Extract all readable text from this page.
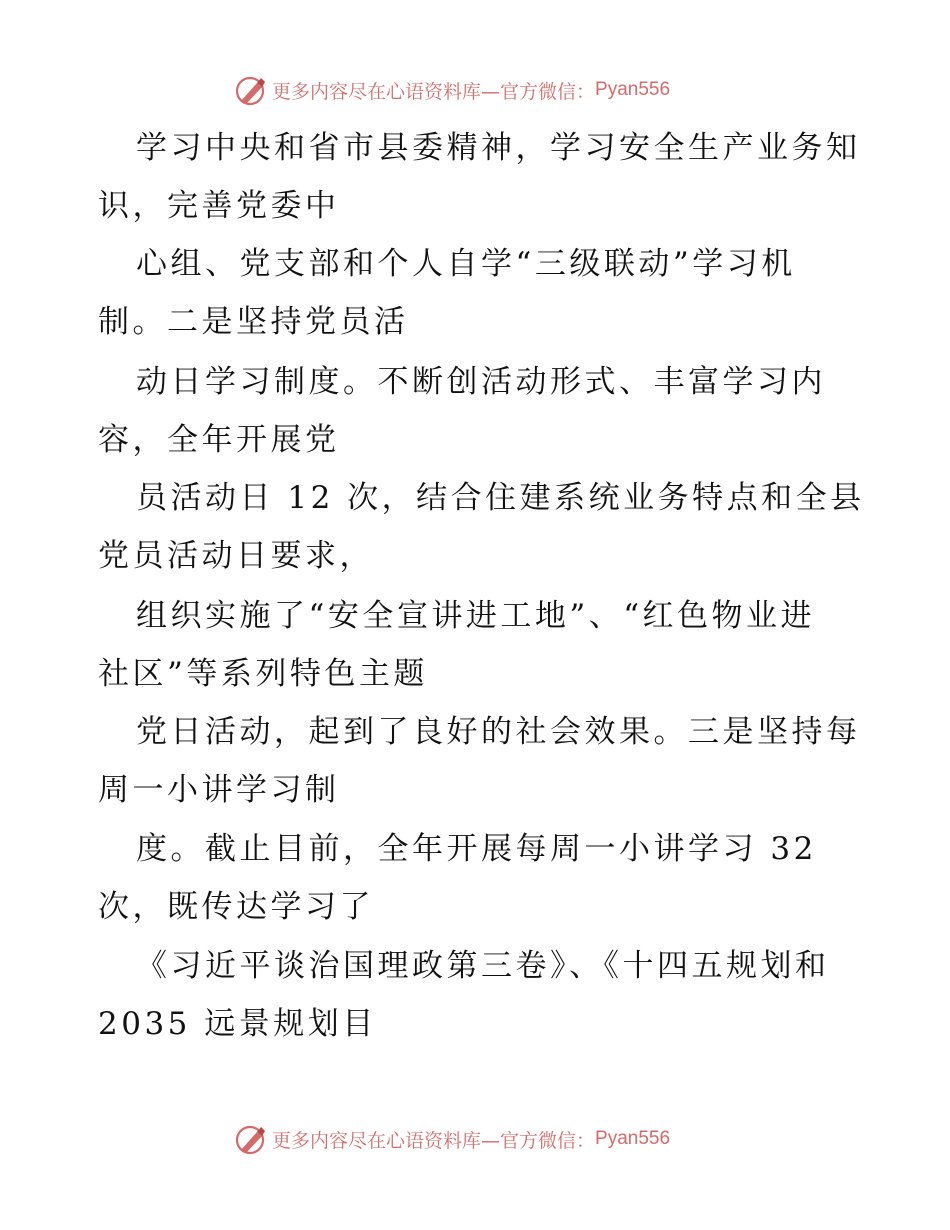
更多内容尽在心语资料库—官方微信： Pyan556
学习中央和省市县委精神，学习安全生产业务知
识，完善党委中
心组、党支部和个人自学“三级联动”学习机
制。二是坚持党员活
动日学习制度。不断创活动形式、丰富学习内
容，全年开展党
员活动日 12 次，结合住建系统业务特点和全县
党员活动日要求，
组织实施了“安全宣讲进工地”、“红色物业进
社区”等系列特色主题
党日活动，起到了良好的社会效果。三是坚持每
周一小讲学习制
度。截止目前，全年开展每周一小讲学习 32
次，既传达学习了
《习近平谈治国理政第三卷》、《十四五规划和
2035 远景规划目
更多内容尽在心语资料库—官方微信： Pyan556
